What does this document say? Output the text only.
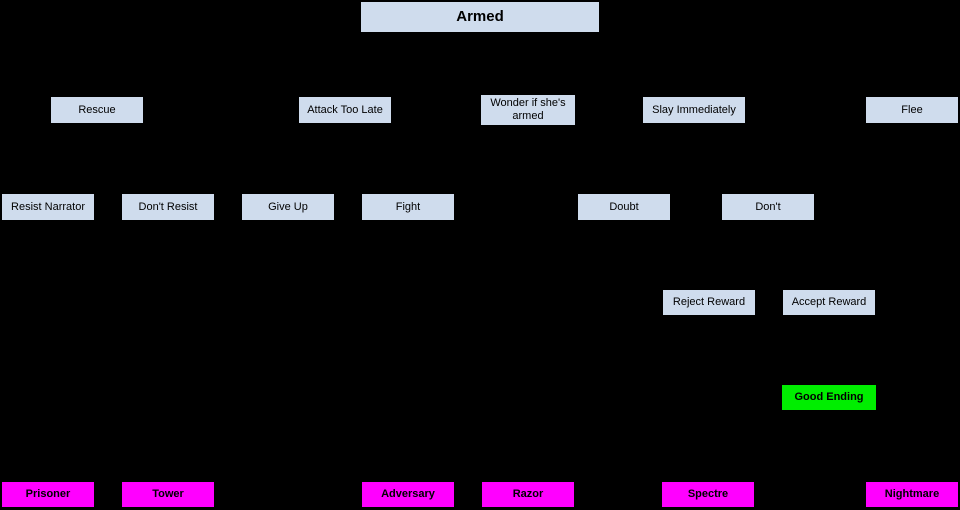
Armed
Rescue	Attack Too Late
Wonder if she's armed
Slay Immediately	Flee
Resist Narrator	Don't Resist	Give Up	Fight	Doubt	Don't
Reject Reward	Accept Reward
Good Ending
Prisoner	Tower	Adversary	Razor	Spectre	Nightmare
